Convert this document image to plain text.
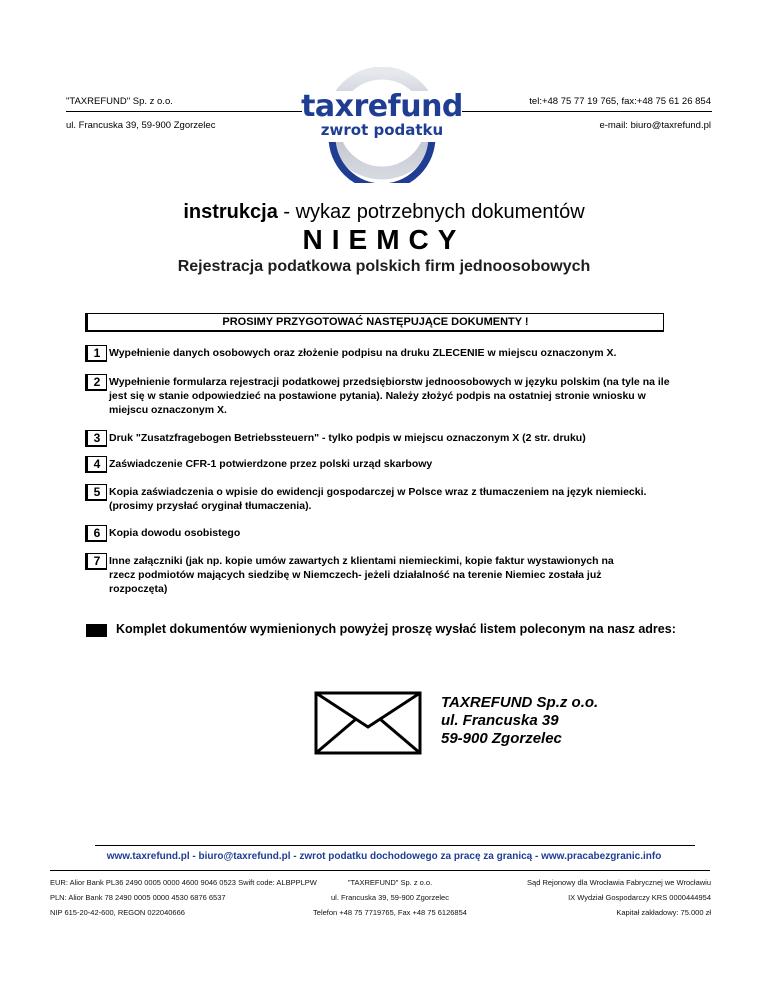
"TAXREFUND" Sp. z o.o.	tel:+48 75 77 19 765, fax:+48 75 61 26 854
ul. Francuska 39, 59-900 Zgorzelec	e-mail: biuro@taxrefund.pl
taxrefund
zwrot podatku
instrukcja - wykaz potrzebnych dokumentów
NIEMCY
Rejestracja podatkowa polskich firm jednoosobowych
PROSIMY PRZYGOTOWAĆ NASTĘPUJĄCE DOKUMENTY !
1 Wypełnienie danych osobowych oraz złożenie podpisu na druku ZLECENIE w miejscu oznaczonym X.
2 Wypełnienie formularza rejestracji podatkowej przedsiębiorstw jednoosobowych w języku polskim (na tyle na ile jest się w stanie odpowiedzieć na postawione pytania). Należy złożyć podpis na ostatniej stronie wniosku w miejscu oznaczonym X.
3 Druk "Zusatzfragebogen Betriebssteuern" - tylko podpis w miejscu oznaczonym X (2 str. druku)
4 Zaświadczenie CFR-1 potwierdzone przez polski urząd skarbowy
5 Kopia zaświadczenia o wpisie do ewidencji gospodarczej w Polsce wraz z tłumaczeniem na język niemiecki. (prosimy przysłać oryginał tłumaczenia).
6 Kopia dowodu osobistego
7 Inne załączniki (jak np. kopie umów zawartych z klientami niemieckimi, kopie faktur wystawionych na rzecz podmiotów mających siedzibę w Niemczech- jeżeli działalność na terenie Niemiec została już rozpoczęta)
Komplet dokumentów wymienionych powyżej proszę wysłać listem poleconym na nasz adres:
TAXREFUND Sp.z o.o.
ul. Francuska 39
59-900 Zgorzelec
www.taxrefund.pl - biuro@taxrefund.pl - zwrot podatku dochodowego za pracę za granicą - www.pracabezgranic.info
EUR: Alior Bank PL36 2490 0005 0000 4600 9046 0523 Swift code: ALBPPLPW
PLN: Alior Bank 78 2490 0005 0000 4530 6876 6537
NIP 615-20-42-600, REGON 022040666
"TAXREFUND" Sp. z o.o.
ul. Francuska 39, 59-900 Zgorzelec
Telefon +48 75 7719765, Fax +48 75 6126854
Sąd Rejonowy dla Wrocławia Fabrycznej we Wrocławiu
IX Wydział Gospodarczy KRS 0000444954
Kapitał zakładowy: 75.000 zł
